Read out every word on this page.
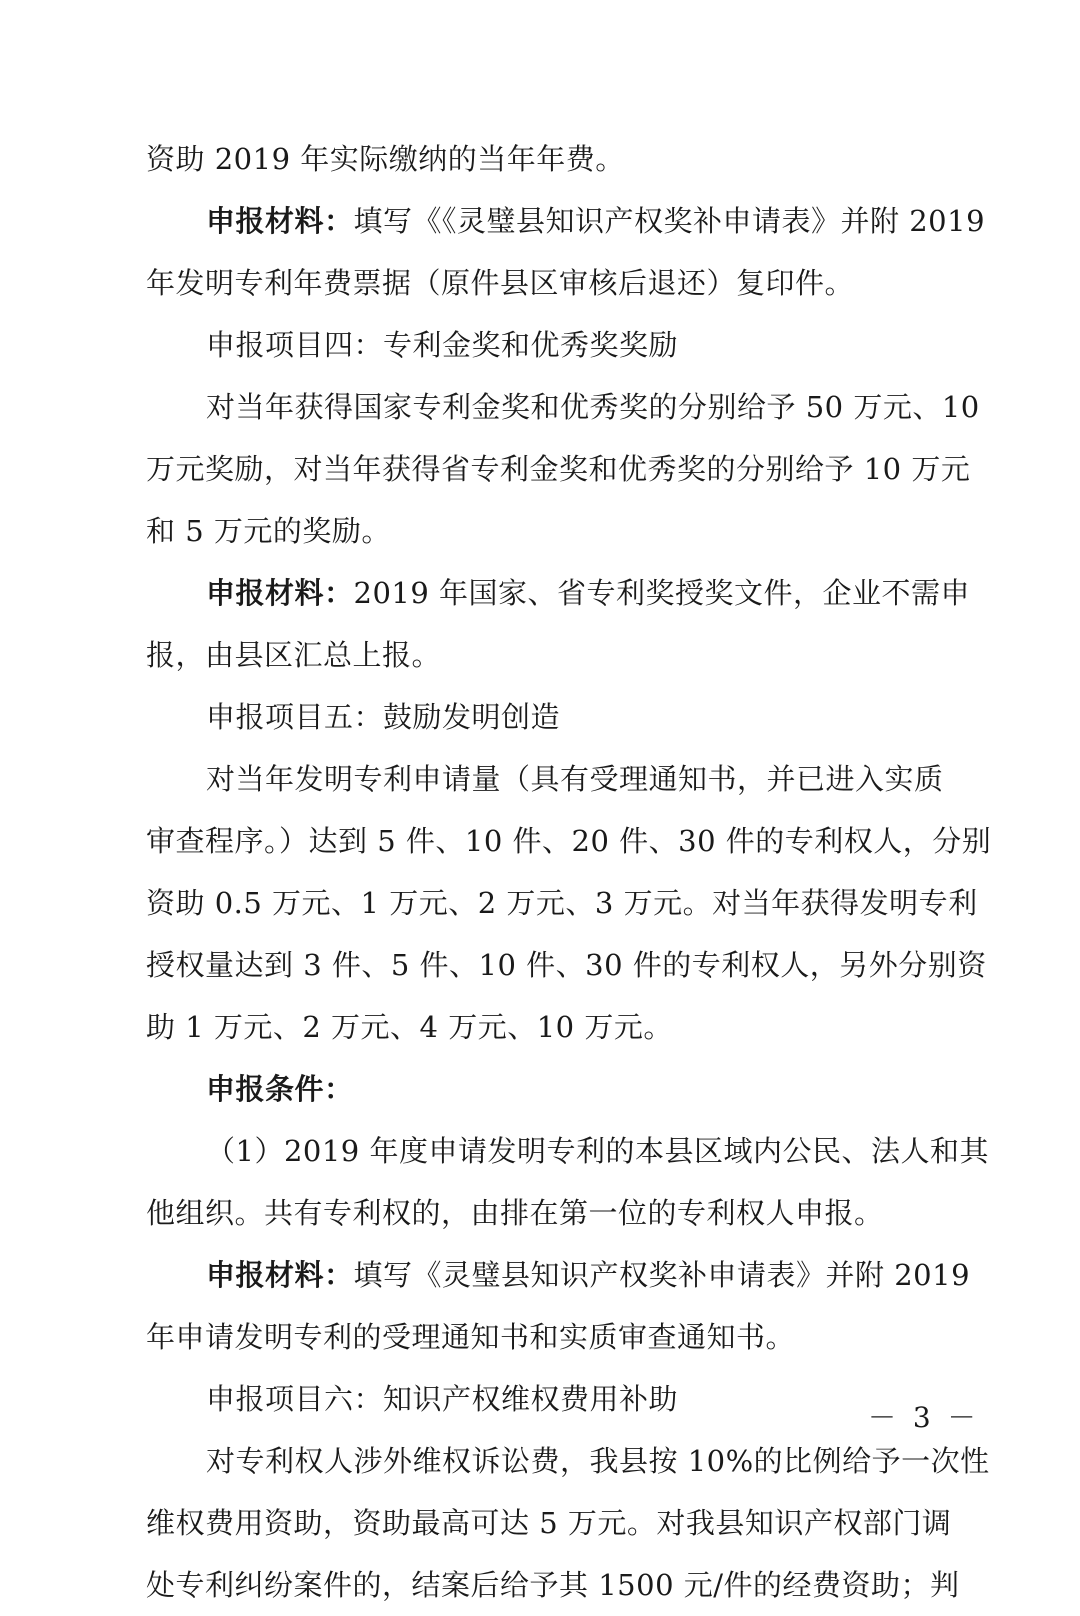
资助 2019 年实际缴纳的当年年费。
申报材料：填写《《灵璧县知识产权奖补申请表》并附 2019
年发明专利年费票据（原件县区审核后退还）复印件。
申报项目四：专利金奖和优秀奖奖励
对当年获得国家专利金奖和优秀奖的分别给予 50 万元、10
万元奖励，对当年获得省专利金奖和优秀奖的分别给予 10 万元
和 5 万元的奖励。
申报材料：2019 年国家、省专利奖授奖文件，企业不需申
报，由县区汇总上报。
申报项目五：鼓励发明创造
对当年发明专利申请量（具有受理通知书，并已进入实质
审查程序。）达到 5 件、10 件、20 件、30 件的专利权人，分别
资助 0.5 万元、1 万元、2 万元、3 万元。对当年获得发明专利
授权量达到 3 件、5 件、10 件、30 件的专利权人，另外分别资
助 1 万元、2 万元、4 万元、10 万元。
申报条件：
（1）2019 年度申请发明专利的本县区域内公民、法人和其
他组织。共有专利权的，由排在第一位的专利权人申报。
申报材料：填写《灵璧县知识产权奖补申请表》并附 2019
年申请发明专利的受理通知书和实质审查通知书。
申报项目六：知识产权维权费用补助
对专利权人涉外维权诉讼费，我县按 10%的比例给予一次性
维权费用资助，资助最高可达 5 万元。对我县知识产权部门调
处专利纠纷案件的，结案后给予其 1500 元/件的经费资助；判
－ 3 －
